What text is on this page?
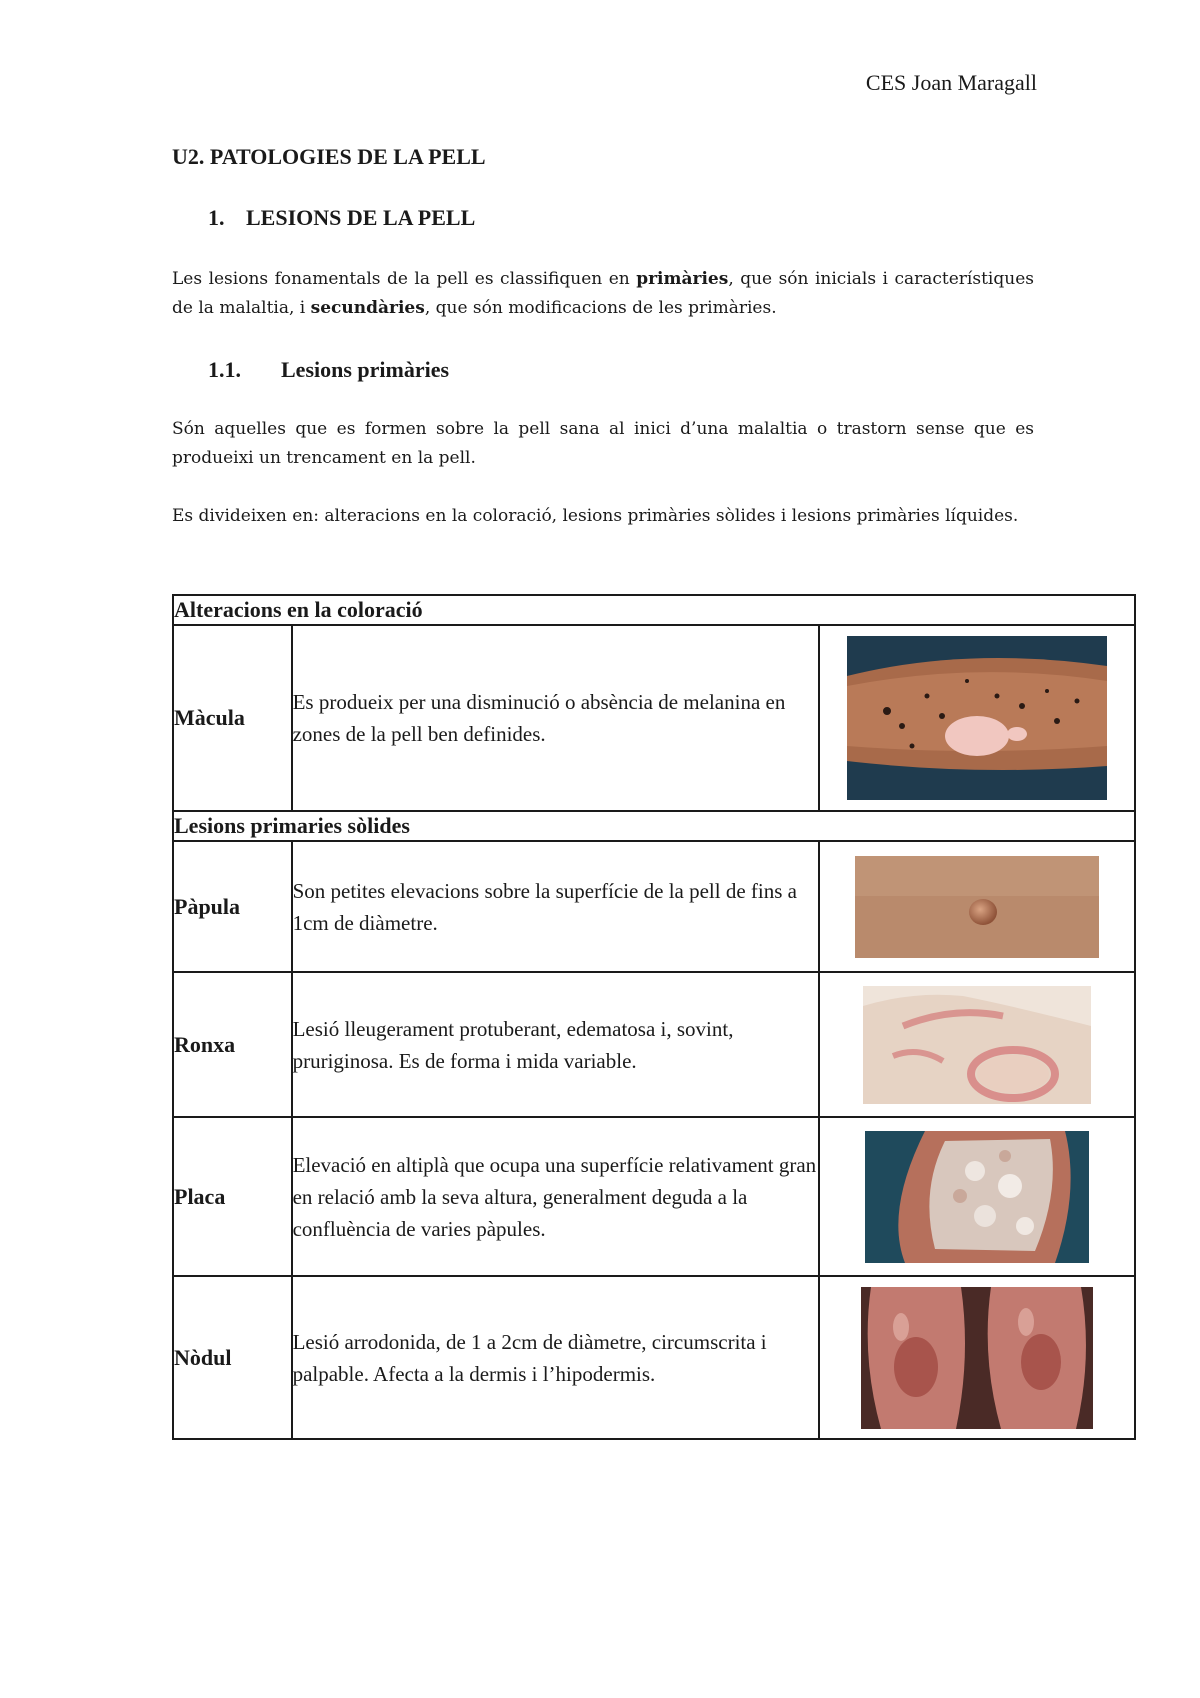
CES Joan Maragall
U2. PATOLOGIES DE LA PELL
1. LESIONS DE LA PELL
Les lesions fonamentals de la pell es classifiquen en primàries, que són inicials i característiques de la malaltia, i secundàries, que són modificacions de les primàries.
1.1. Lesions primàries
Són aquelles que es formen sobre la pell sana al inici d’una malaltia o trastorn sense que es produeixi un trencament en la pell.
Es divideixen en: alteracions en la coloració, lesions primàries sòlides i lesions primàries líquides.
Alteracions en la coloració		
Màcula	Es produeix per una disminució o absència de melanina en zones de la pell ben definides.	

Lesions primaries sòlides		
Pàpula	Son petites elevacions sobre la superfície de la pell de fins a 1cm de diàmetre.	

Ronxa	Lesió lleugerament protuberant, edematosa i, sovint, pruriginosa. Es de forma i mida variable.	

Placa	Elevació en altiplà que ocupa una superfície relativament gran en relació amb la seva altura, generalment deguda a la confluència de varies pàpules.	

Nòdul	Lesió arrodonida, de 1 a 2cm de diàmetre, circumscrita i palpable. Afecta a la dermis i l’hipodermis.	
